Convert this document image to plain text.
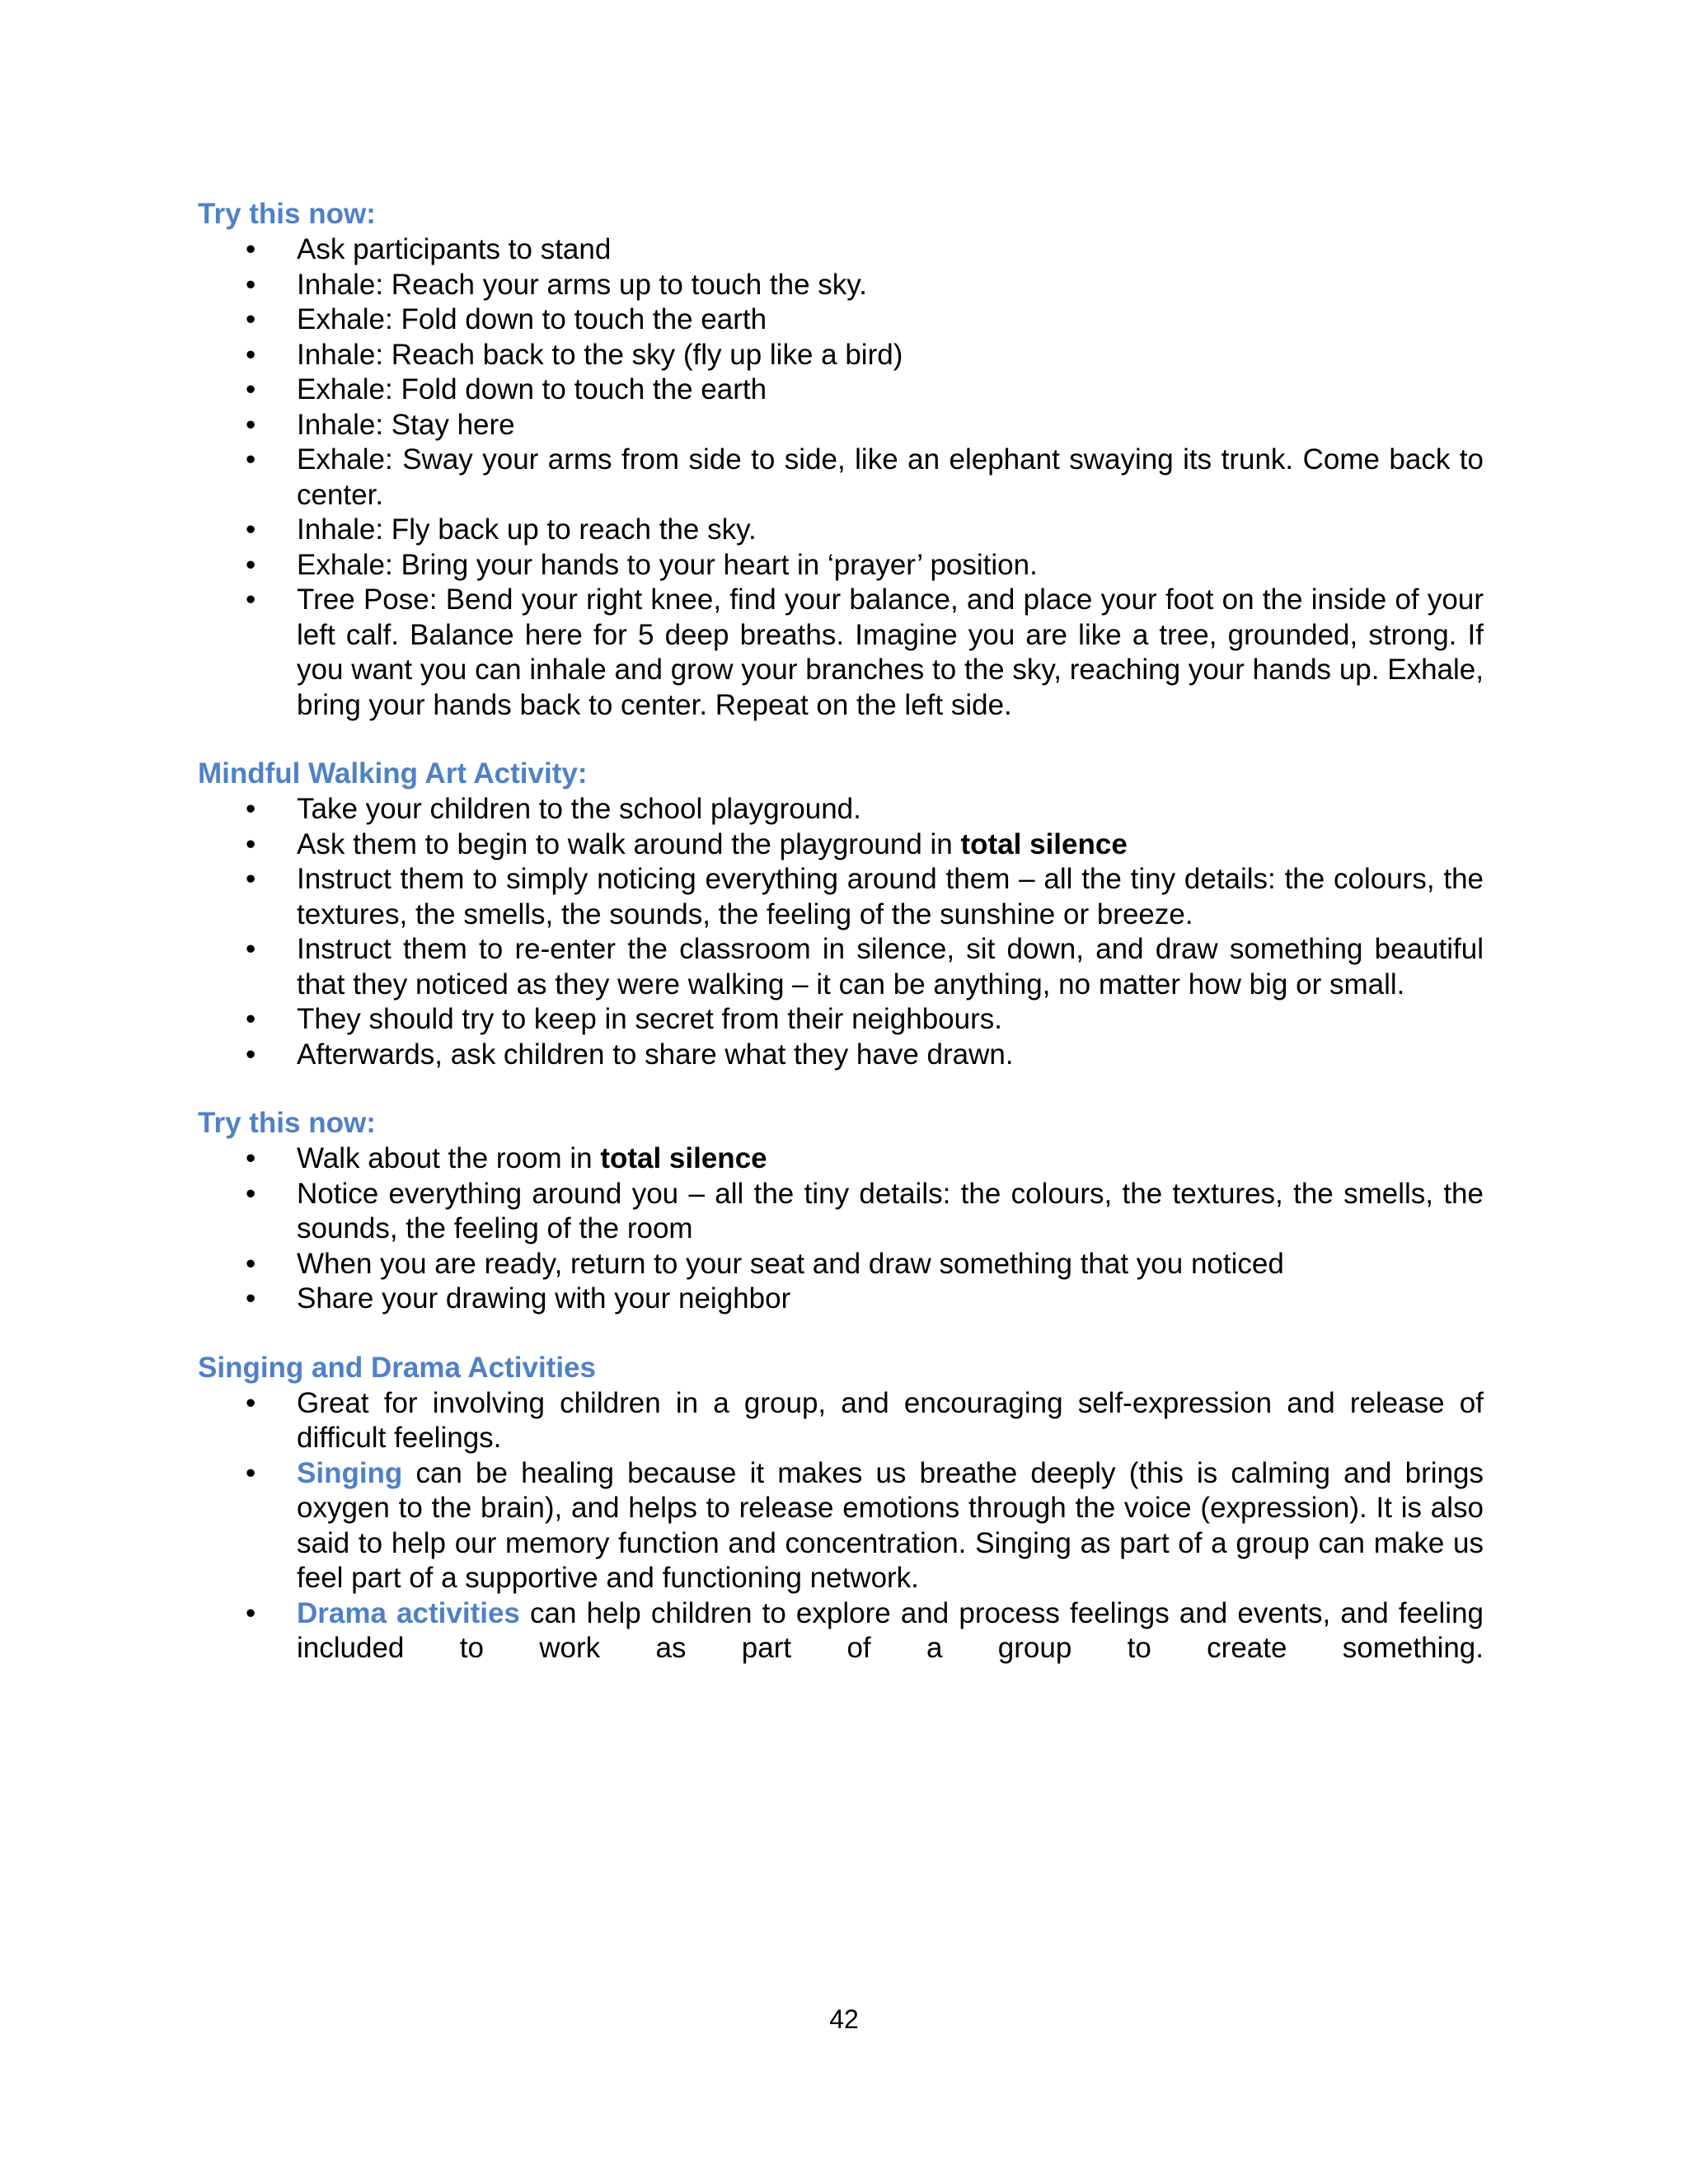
Try this now:
•	Ask participants to stand
•	Inhale: Reach your arms up to touch the sky.
•	Exhale: Fold down to touch the earth
•	Inhale: Reach back to the sky (fly up like a bird)
•	Exhale: Fold down to touch the earth
•	Inhale: Stay here
•	Exhale: Sway your arms from side to side, like an elephant swaying its trunk. Come back to center.
•	Inhale: Fly back up to reach the sky.
•	Exhale: Bring your hands to your heart in ‘prayer’ position.
•	Tree Pose: Bend your right knee, find your balance, and place your foot on the inside of your left calf. Balance here for 5 deep breaths. Imagine you are like a tree, grounded, strong. If you want you can inhale and grow your branches to the sky, reaching your hands up. Exhale, bring your hands back to center. Repeat on the left side.
Mindful Walking Art Activity:
•	Take your children to the school playground.
•	Ask them to begin to walk around the playground in total silence
•	Instruct them to simply noticing everything around them – all the tiny details: the colours, the textures, the smells, the sounds, the feeling of the sunshine or breeze.
•	Instruct them to re-enter the classroom in silence, sit down, and draw something beautiful that they noticed as they were walking – it can be anything, no matter how big or small.
•	They should try to keep in secret from their neighbours.
•	Afterwards, ask children to share what they have drawn.
Try this now:
•	Walk about the room in total silence
•	Notice everything around you – all the tiny details: the colours, the textures, the smells, the sounds, the feeling of the room
•	When you are ready, return to your seat and draw something that you noticed
•	Share your drawing with your neighbor
Singing and Drama Activities
•	Great for involving children in a group, and encouraging self-expression and release of difficult feelings.
•	Singing can be healing because it makes us breathe deeply (this is calming and brings oxygen to the brain), and helps to release emotions through the voice (expression). It is also said to help our memory function and concentration. Singing as part of a group can make us feel part of a supportive and functioning network.
•	Drama activities can help children to explore and process feelings and events, and feeling included to work as part of a group to create something.
42
